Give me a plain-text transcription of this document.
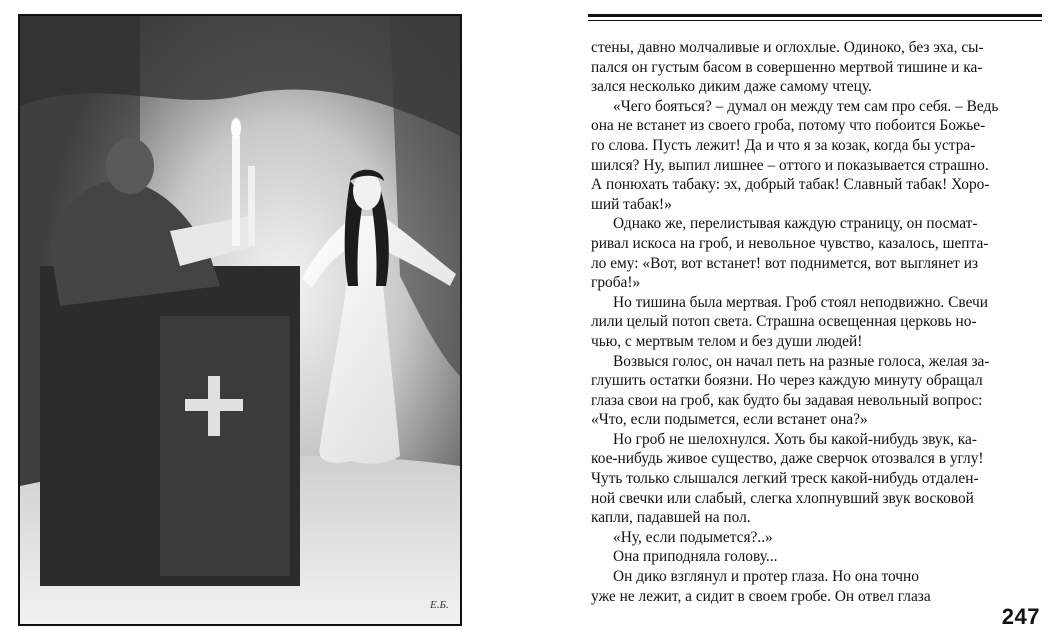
Е.Б.
стены, давно молчаливые и оглохлые. Одиноко, без эха, сы-
пался он густым басом в совершенно мертвой тишине и ка-
зался несколько диким даже самому чтецу.
«Чего бояться? – думал он между тем сам про себя. – Ведь
она не встанет из своего гроба, потому что побоится Божье-
го слова. Пусть лежит! Да и что я за козак, когда бы устра-
шился? Ну, выпил лишнее – оттого и показывается страшно.
А понюхать табаку: эх, добрый табак! Славный табак! Хоро-
ший табак!»
Однако же, перелистывая каждую страницу, он посмат-
ривал искоса на гроб, и невольное чувство, казалось, шепта-
ло ему: «Вот, вот встанет! вот поднимется, вот выглянет из
гроба!»
Но тишина была мертвая. Гроб стоял неподвижно. Свечи
лили целый потоп света. Страшна освещенная церковь но-
чью, с мертвым телом и без души людей!
Возвыся голос, он начал петь на разные голоса, желая за-
глушить остатки боязни. Но через каждую минуту обращал
глаза свои на гроб, как будто бы задавая невольный вопрос:
«Что, если подымется, если встанет она?»
Но гроб не шелохнулся. Хоть бы какой-нибудь звук, ка-
кое-нибудь живое существо, даже сверчок отозвался в углу!
Чуть только слышался легкий треск какой-нибудь отдален-
ной свечки или слабый, слегка хлопнувший звук восковой
капли, падавшей на пол.
«Ну, если подымется?..»
Она приподняла голову...
Он дико взглянул и протер глаза. Но она точно
уже не лежит, а сидит в своем гробе. Он отвел глаза
247
